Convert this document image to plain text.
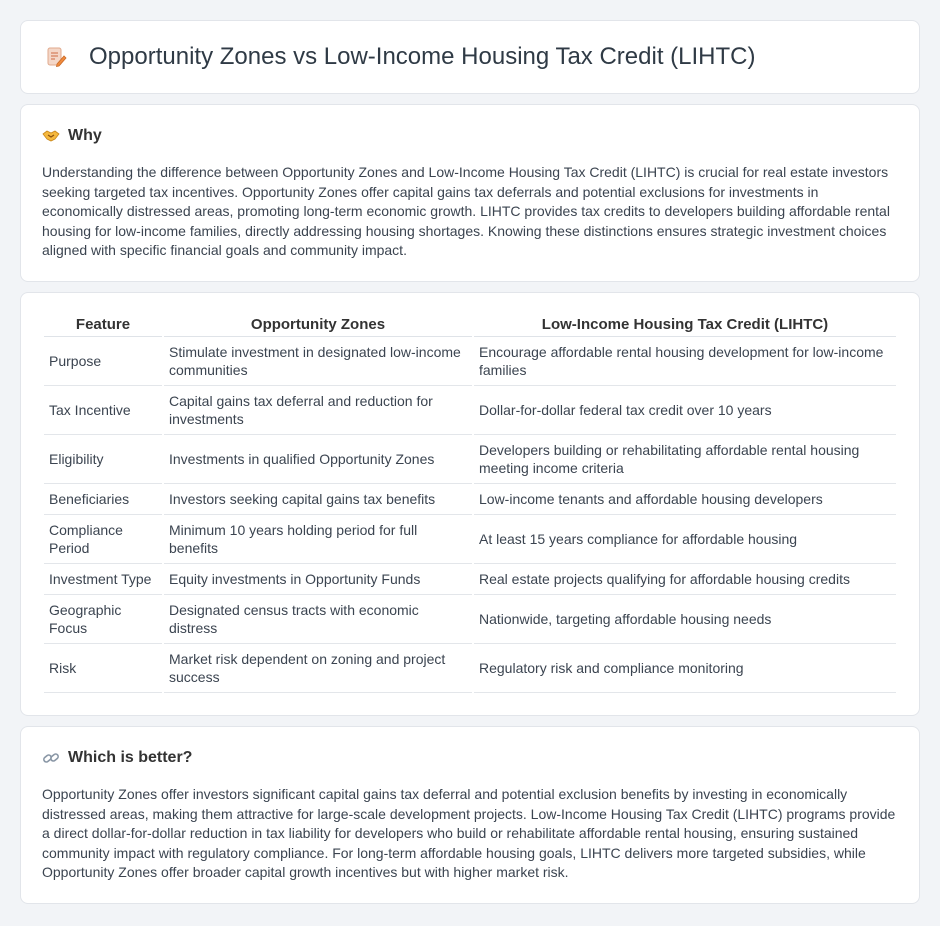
Opportunity Zones vs Low-Income Housing Tax Credit (LIHTC)
Why

Understanding the difference between Opportunity Zones and Low-Income Housing Tax Credit (LIHTC) is crucial for real estate investors seeking targeted tax incentives. Opportunity Zones offer capital gains tax deferrals and potential exclusions for investments in economically distressed areas, promoting long-term economic growth. LIHTC provides tax credits to developers building affordable rental housing for low-income families, directly addressing housing shortages. Knowing these distinctions ensures strategic investment choices aligned with specific financial goals and community impact.

Feature	Opportunity Zones	Low-Income Housing Tax Credit (LIHTC)
Purpose	Stimulate investment in designated low-income communities	Encourage affordable rental housing development for low-income families
Tax Incentive	Capital gains tax deferral and reduction for investments	Dollar-for-dollar federal tax credit over 10 years
Eligibility	Investments in qualified Opportunity Zones	Developers building or rehabilitating affordable rental housing meeting income criteria
Beneficiaries	Investors seeking capital gains tax benefits	Low-income tenants and affordable housing developers
Compliance Period	Minimum 10 years holding period for full benefits	At least 15 years compliance for affordable housing
Investment Type	Equity investments in Opportunity Funds	Real estate projects qualifying for affordable housing credits
Geographic Focus	Designated census tracts with economic distress	Nationwide, targeting affordable housing needs
Risk	Market risk dependent on zoning and project success	Regulatory risk and compliance monitoring
Which is better?

Opportunity Zones offer investors significant capital gains tax deferral and potential exclusion benefits by investing in economically distressed areas, making them attractive for large-scale development projects. Low-Income Housing Tax Credit (LIHTC) programs provide a direct dollar-for-dollar reduction in tax liability for developers who build or rehabilitate affordable rental housing, ensuring sustained community impact with regulatory compliance. For long-term affordable housing goals, LIHTC delivers more targeted subsidies, while Opportunity Zones offer broader capital growth incentives but with higher market risk.
